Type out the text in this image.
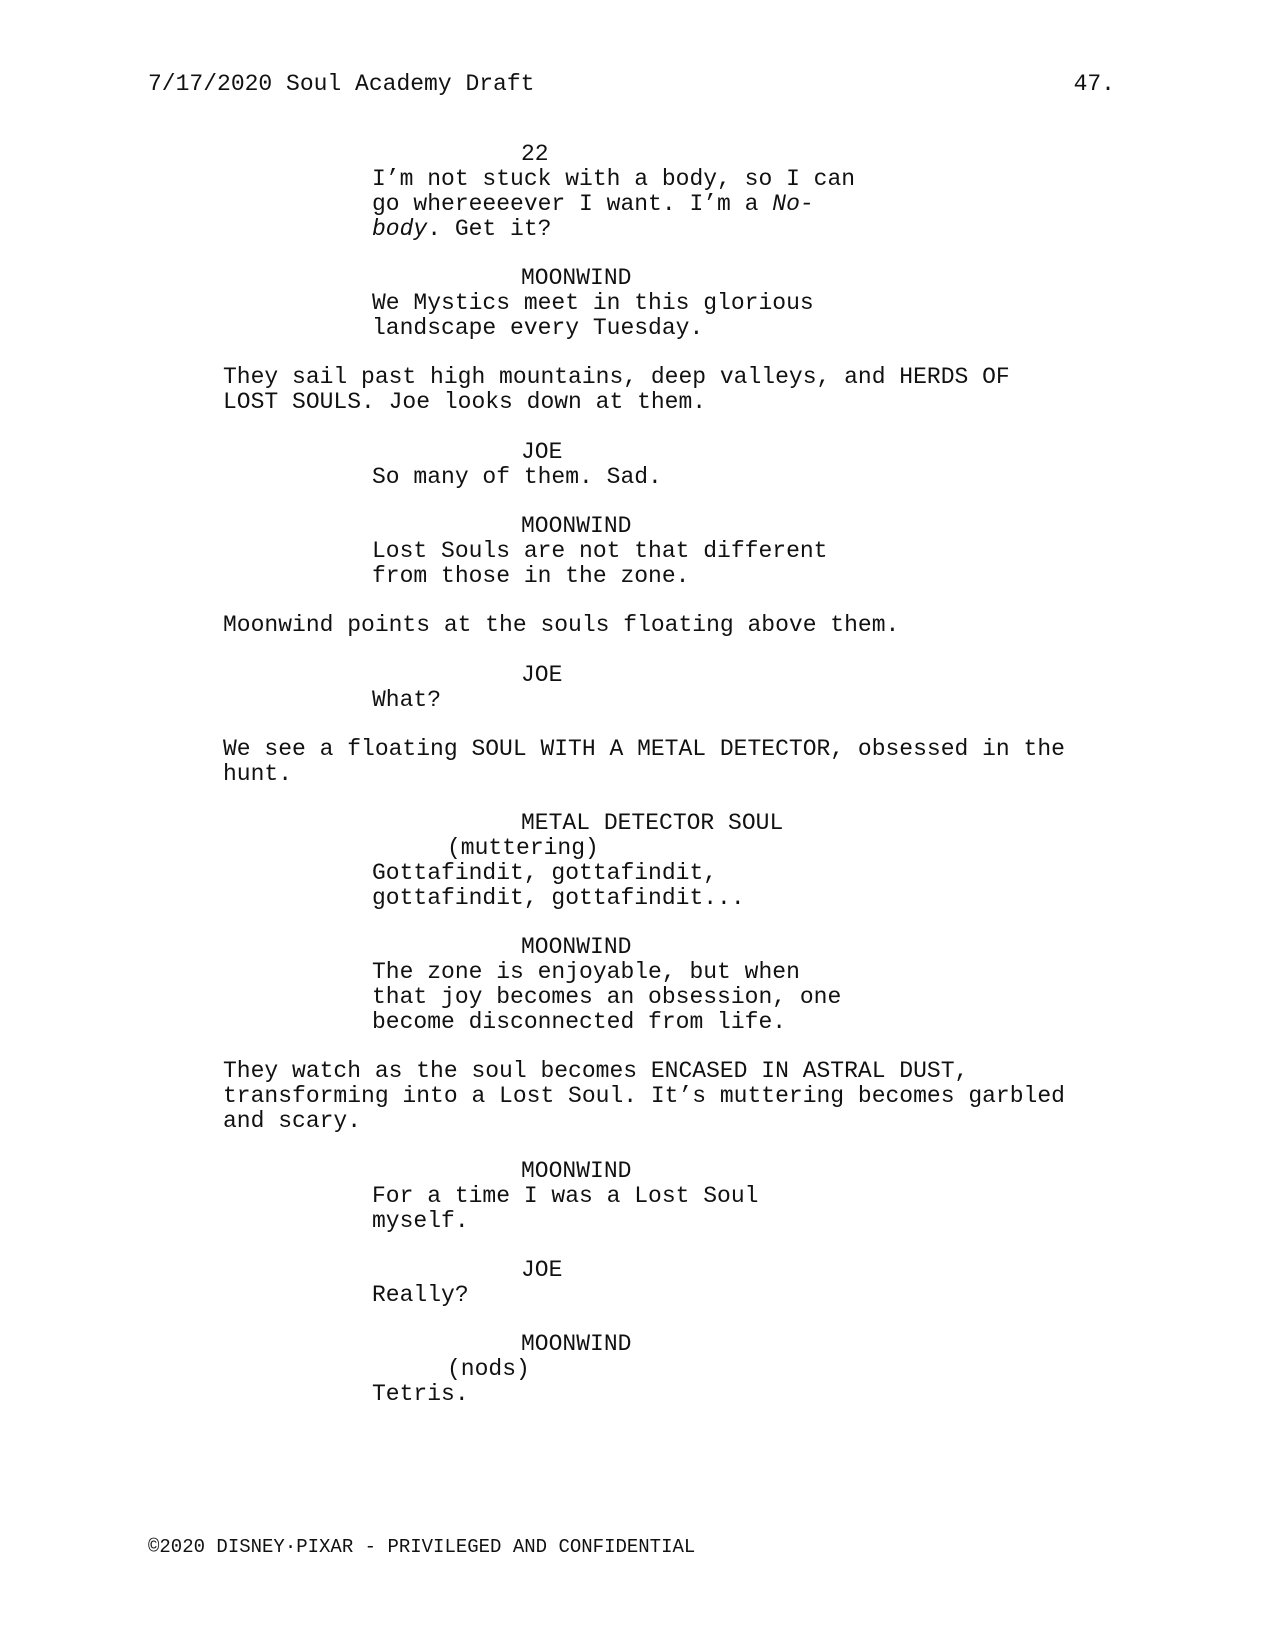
7/17/2020 Soul Academy Draft	47.
22
I’m not stuck with a body, so I can
go whereeeever I want. I’m a No-
body. Get it?
MOONWIND
We Mystics meet in this glorious
landscape every Tuesday.
They sail past high mountains, deep valleys, and HERDS OF
LOST SOULS. Joe looks down at them.
JOE
So many of them. Sad.
MOONWIND
Lost Souls are not that different
from those in the zone.
Moonwind points at the souls floating above them.
JOE
What?
We see a floating SOUL WITH A METAL DETECTOR, obsessed in the
hunt.
METAL DETECTOR SOUL
(muttering)
Gottafindit, gottafindit,
gottafindit, gottafindit...
MOONWIND
The zone is enjoyable, but when
that joy becomes an obsession, one
become disconnected from life.
They watch as the soul becomes ENCASED IN ASTRAL DUST,
transforming into a Lost Soul. It’s muttering becomes garbled
and scary.
MOONWIND
For a time I was a Lost Soul
myself.
JOE
Really?
MOONWIND
(nods)
Tetris.
©2020 DISNEY·PIXAR - PRIVILEGED AND CONFIDENTIAL
